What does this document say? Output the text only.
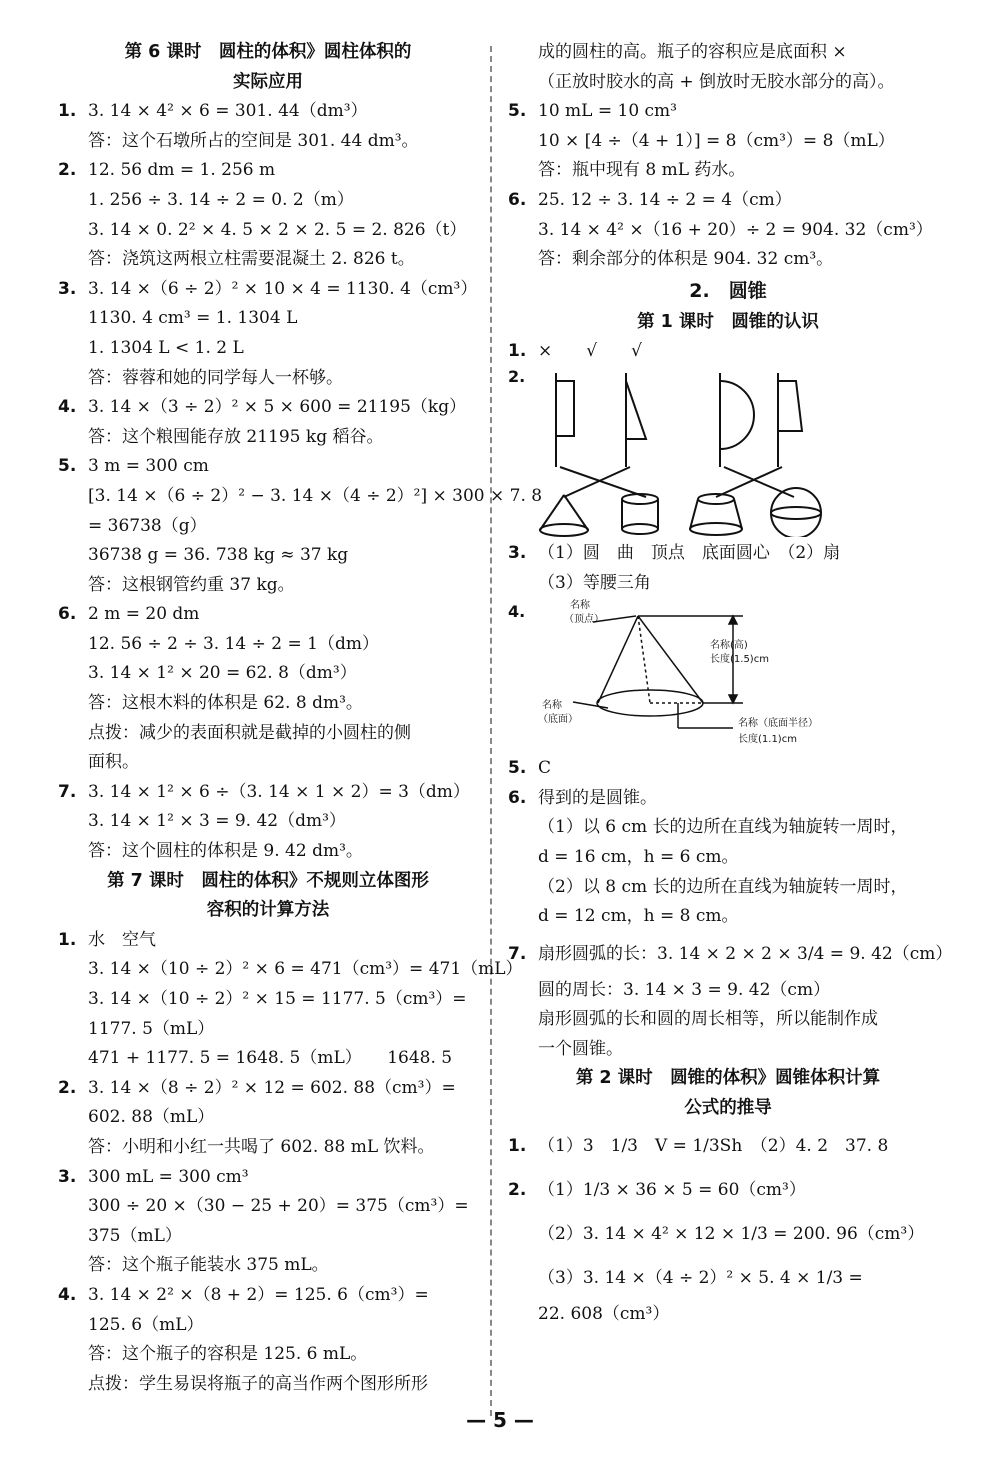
第 6 课时　圆柱的体积》圆柱体积的
实际应用
1. 3. 14 × 4² × 6 = 301. 44（dm³）
答：这个石墩所占的空间是 301. 44 dm³。
2. 12. 56 dm = 1. 256 m
1. 256 ÷ 3. 14 ÷ 2 = 0. 2（m）
3. 14 × 0. 2² × 4. 5 × 2 × 2. 5 = 2. 826（t）
答：浇筑这两根立柱需要混凝土 2. 826 t。
3. 3. 14 ×（6 ÷ 2）² × 10 × 4 = 1130. 4（cm³）
1130. 4 cm³ = 1. 1304 L
1. 1304 L < 1. 2 L
答：蓉蓉和她的同学每人一杯够。
4. 3. 14 ×（3 ÷ 2）² × 5 × 600 = 21195（kg）
答：这个粮囤能存放 21195 kg 稻谷。
5. 3 m = 300 cm
[3. 14 ×（6 ÷ 2）² − 3. 14 ×（4 ÷ 2）²] × 300 × 7. 8
= 36738（g）
36738 g = 36. 738 kg ≈ 37 kg
答：这根钢管约重 37 kg。
6. 2 m = 20 dm
12. 56 ÷ 2 ÷ 3. 14 ÷ 2 = 1（dm）
3. 14 × 1² × 20 = 62. 8（dm³）
答：这根木料的体积是 62. 8 dm³。
点拨：减少的表面积就是截掉的小圆柱的侧
面积。
7. 3. 14 × 1² × 6 ÷（3. 14 × 1 × 2）= 3（dm）
3. 14 × 1² × 3 = 9. 42（dm³）
答：这个圆柱的体积是 9. 42 dm³。
第 7 课时　圆柱的体积》不规则立体图形
容积的计算方法
1. 水　空气
3. 14 ×（10 ÷ 2）² × 6 = 471（cm³）= 471（mL）
3. 14 ×（10 ÷ 2）² × 15 = 1177. 5（cm³）=
1177. 5（mL）
471 + 1177. 5 = 1648. 5（mL）　　1648. 5
2. 3. 14 ×（8 ÷ 2）² × 12 = 602. 88（cm³）=
602. 88（mL）
答：小明和小红一共喝了 602. 88 mL 饮料。
3. 300 mL = 300 cm³
300 ÷ 20 ×（30 − 25 + 20）= 375（cm³）=
375（mL）
答：这个瓶子能装水 375 mL。
4. 3. 14 × 2² ×（8 + 2）= 125. 6（cm³）=
125. 6（mL）
答：这个瓶子的容积是 125. 6 mL。
点拨：学生易误将瓶子的高当作两个图形所形
成的圆柱的高。瓶子的容积应是底面积 ×
（正放时胶水的高 + 倒放时无胶水部分的高）。
5. 10 mL = 10 cm³
10 × [4 ÷（4 + 1）] = 8（cm³）= 8（mL）
答：瓶中现有 8 mL 药水。
6. 25. 12 ÷ 3. 14 ÷ 2 = 4（cm）
3. 14 × 4² ×（16 + 20）÷ 2 = 904. 32（cm³）
答：剩余部分的体积是 904. 32 cm³。
2.　圆锥
第 1 课时　圆锥的认识
1. × √ √
2.
3. （1）圆　曲　顶点　底面圆心　（2）扇
（3）等腰三角
4.	名称
（顶点）
名称(高)
长度(1.5)cm
名称
（底面）	名称（底面半径）
长度(1.1)cm
5. C
6. 得到的是圆锥。
（1）以 6 cm 长的边所在直线为轴旋转一周时，
d = 16 cm，h = 6 cm。
（2）以 8 cm 长的边所在直线为轴旋转一周时，
d = 12 cm，h = 8 cm。
7. 扇形圆弧的长：3. 14 × 2 × 2 × 3/4 = 9. 42（cm）
圆的周长：3. 14 × 3 = 9. 42（cm）
扇形圆弧的长和圆的周长相等，所以能制作成
一个圆锥。
第 2 课时　圆锥的体积》圆锥体积计算
公式的推导
1. （1）3　1/3　V = 1/3Sh　（2）4. 2　37. 8
2. （1）1/3 × 36 × 5 = 60（cm³）
（2）3. 14 × 4² × 12 × 1/3 = 200. 96（cm³）
（3）3. 14 ×（4 ÷ 2）² × 5. 4 × 1/3 =
22. 608（cm³）
— 5 —
